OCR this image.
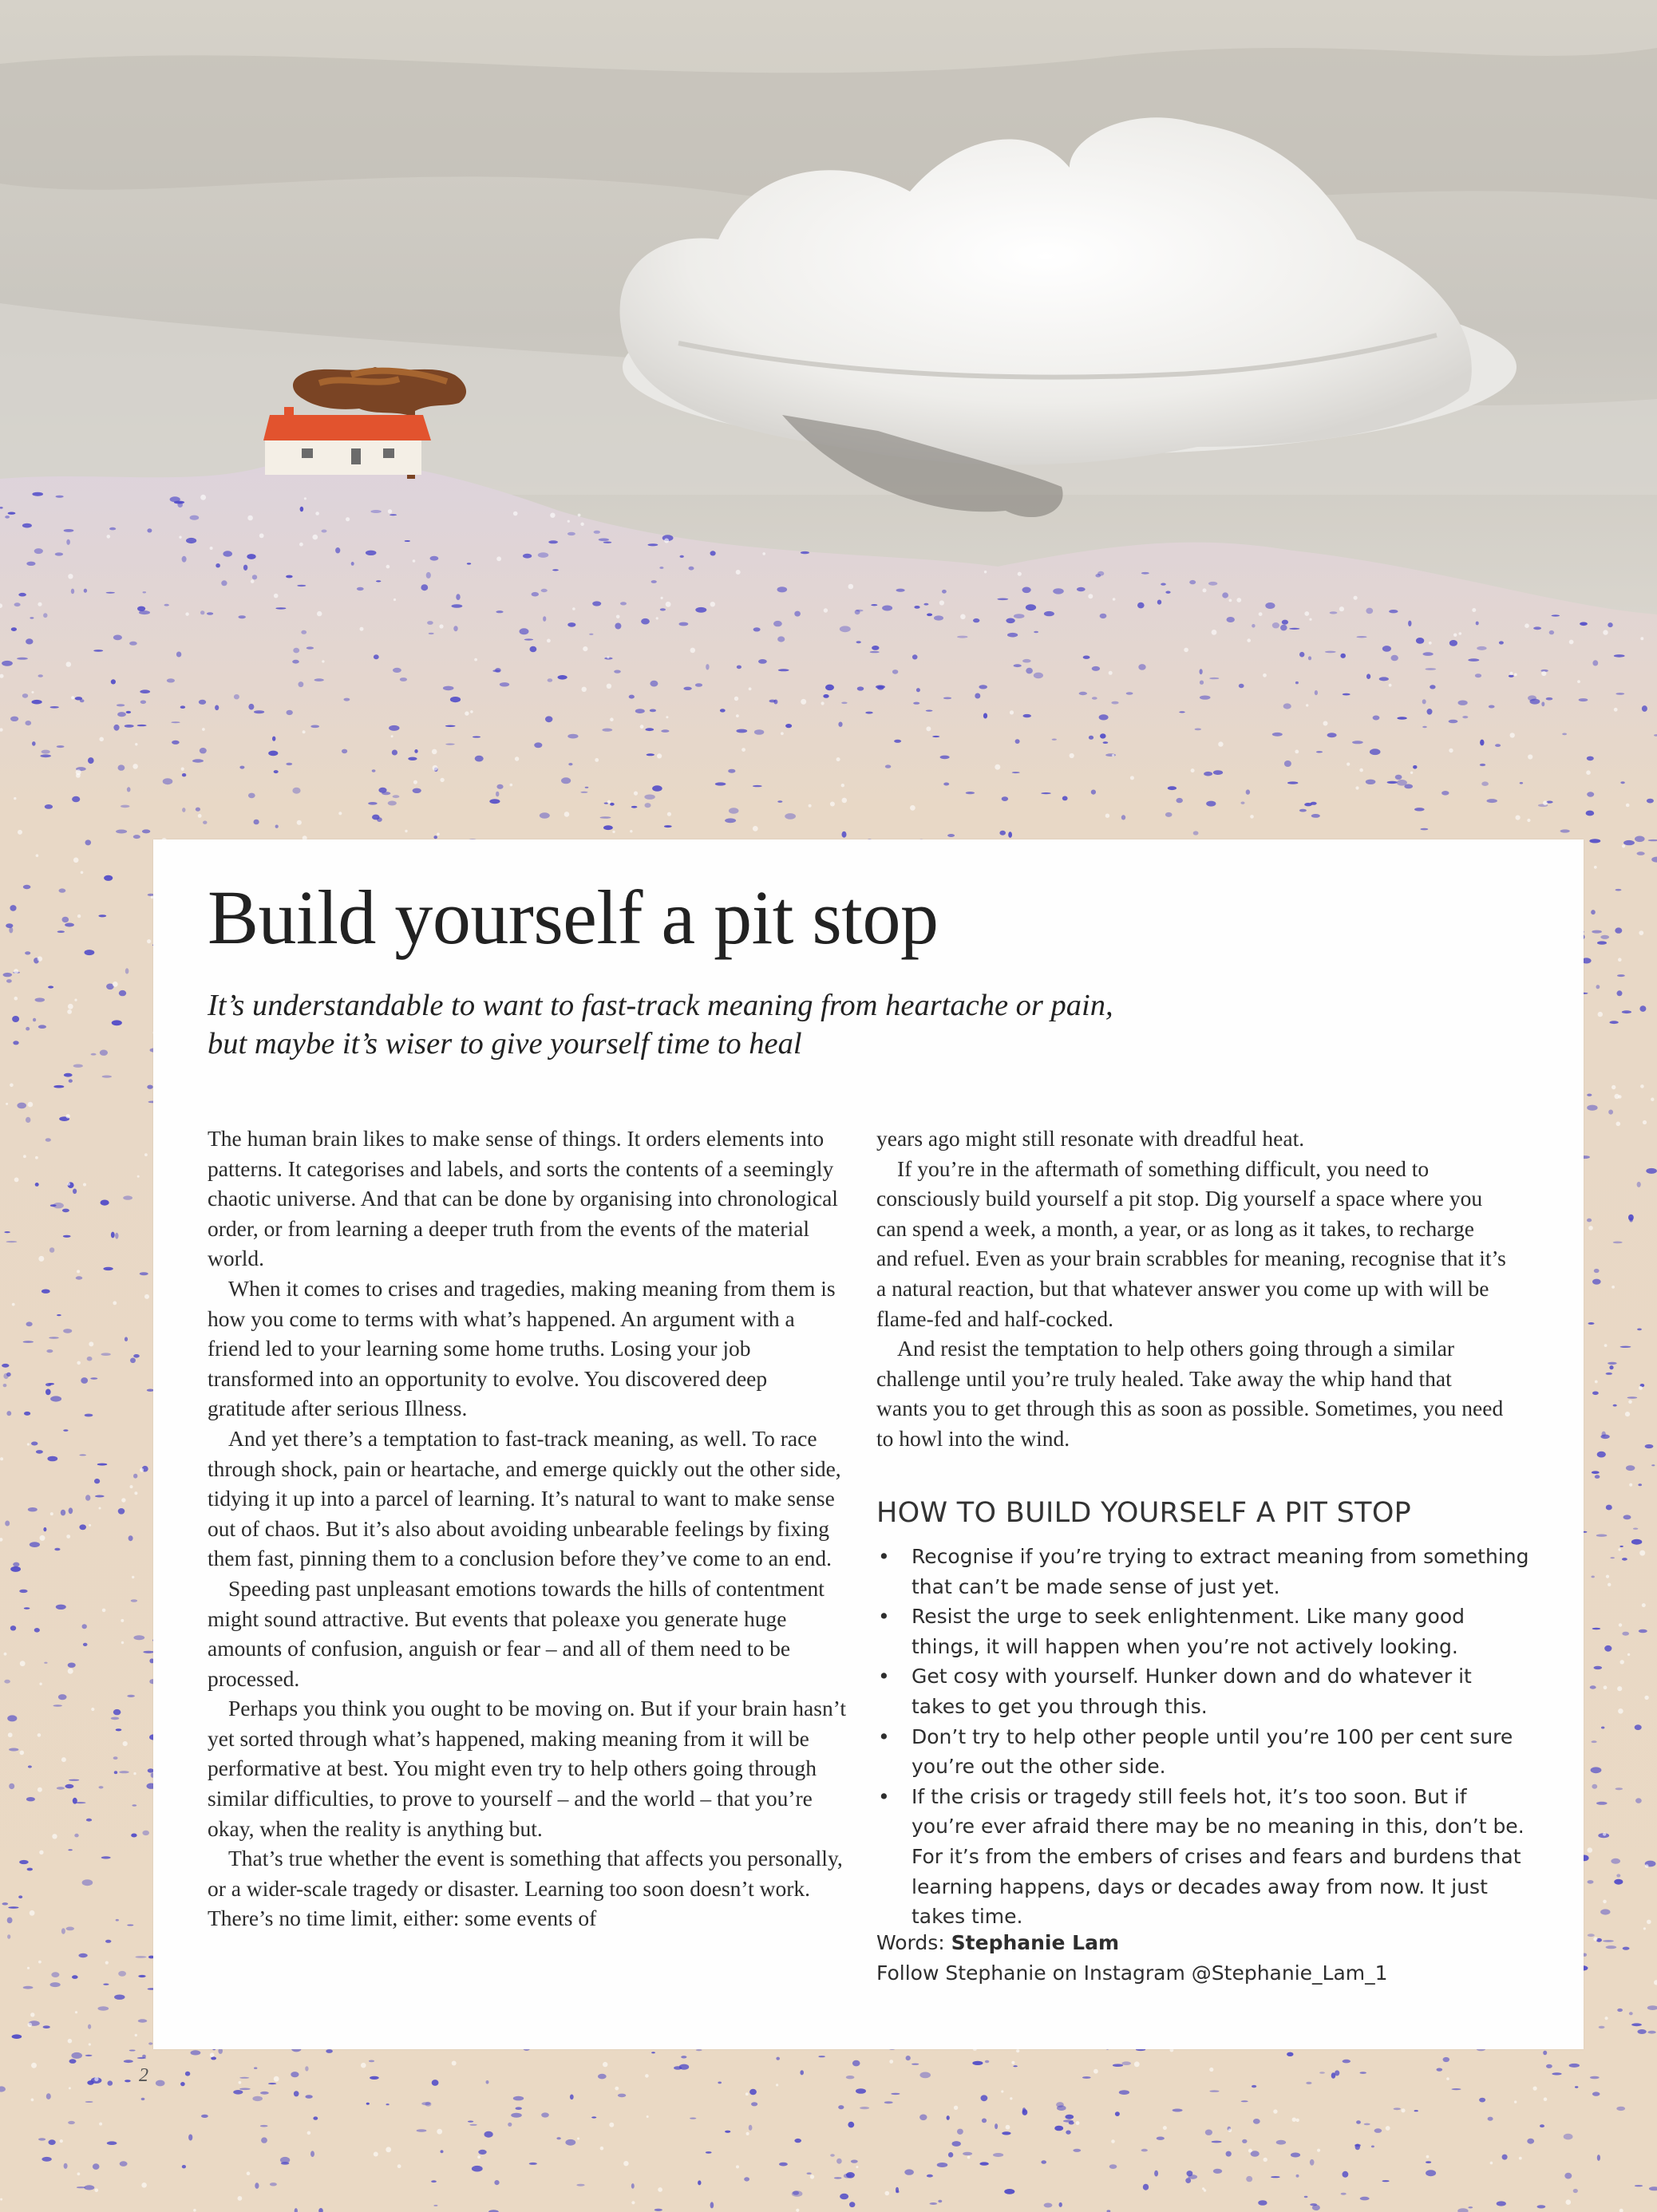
2
Build yourself a pit stop

It’s understandable to want to fast-track meaning from heartache or pain, but maybe it’s wiser to give yourself time to heal

The human brain likes to make sense of things. It orders elements into patterns. It categorises and labels, and sorts the contents of a seemingly chaotic universe. And that can be done by organising into chronological order, or from learning a deeper truth from the events of the material world.

When it comes to crises and tragedies, making meaning from them is how you come to terms with what’s happened. An argument with a friend led to your learning some home truths. Losing your job transformed into an opportunity to evolve. You discovered deep gratitude after serious Illness.

And yet there’s a temptation to fast-track meaning, as well. To race through shock, pain or heartache, and emerge quickly out the other side, tidying it up into a parcel of learning. It’s natural to want to make sense out of chaos. But it’s also about avoiding unbearable feelings by fixing them fast, pinning them to a conclusion before they’ve come to an end.

Speeding past unpleasant emotions towards the hills of contentment might sound attractive. But events that poleaxe you generate huge amounts of confusion, anguish or fear – and all of them need to be processed.

Perhaps you think you ought to be moving on. But if your brain hasn’t yet sorted through what’s happened, making meaning from it will be performative at best. You might even try to help others going through similar difficulties, to prove to yourself – and the world – that you’re okay, when the reality is anything but.

That’s true whether the event is something that affects you personally, or a wider-scale tragedy or disaster. Learning too soon doesn’t work. There’s no time limit, either: some events of

years ago might still resonate with dreadful heat.

If you’re in the aftermath of something difficult, you need to consciously build yourself a pit stop. Dig yourself a space where you can spend a week, a month, a year, or as long as it takes, to recharge and refuel. Even as your brain scrabbles for meaning, recognise that it’s a natural reaction, but that whatever answer you come up with will be flame-fed and half-cocked.

And resist the temptation to help others going through a similar challenge until you’re truly healed. Take away the whip hand that wants you to get through this as soon as possible. Sometimes, you need to howl into the wind.

HOW TO BUILD YOURSELF A PIT STOP
• Recognise if you’re trying to extract meaning from something that can’t be made sense of just yet.
• Resist the urge to seek enlightenment. Like many good things, it will happen when you’re not actively looking.
• Get cosy with yourself. Hunker down and do whatever it takes to get you through this.
• Don’t try to help other people until you’re 100 per cent sure you’re out the other side.
• If the crisis or tragedy still feels hot, it’s too soon. But if you’re ever afraid there may be no meaning in this, don’t be. For it’s from the embers of crises and fears and burdens that learning happens, days or decades away from now. It just takes time.
Words: Stephanie Lam
Follow Stephanie on Instagram @Stephanie_Lam_1
